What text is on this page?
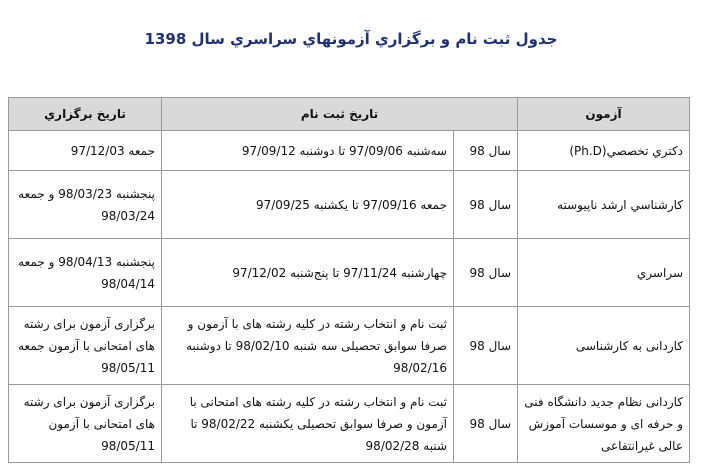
جدول ثبت نام و برگزاري آزمونهاي سراسري سال 1398
آزمون	تاريخ ثبت نام		تاريخ برگزاري
دكتري تخصصي(Ph.D)	سال 98	سه‌شنبه 97/09/06 تا دوشنبه 97/09/12	جمعه 97/12/03
كارشناسي ارشد ناپيوسته	سال 98	جمعه 97/09/16 تا يكشنبه 97/09/25	پنجشنبه 98/03/23 و جمعه 98/03/24
سراسري	سال 98	چهارشنبه 97/11/24 تا پنج‌شنبه 97/12/02	پنجشنبه 98/04/13 و جمعه 98/04/14
کاردانی به کارشناسی	سال 98	ثبت نام و انتخاب رشته در کلیه رشته های با آزمون و صرفا سوابق تحصیلی سه شنبه 98/02/10 تا دوشنبه 98/02/16	برگزاری آزمون برای رشته های امتحانی با آزمون جمعه 98/05/11
کاردانی نظام جدید دانشگاه فنی و حرفه ای و موسسات آموزش عالی غیرانتفاعی	سال 98	ثبت نام و انتخاب رشته در کلیه رشته های امتحانی با آزمون و صرفا سوابق تحصیلی یکشنبه 98/02/22 تا شنبه 98/02/28	برگزاری آزمون برای رشته های امتحانی با آزمون 98/05/11
